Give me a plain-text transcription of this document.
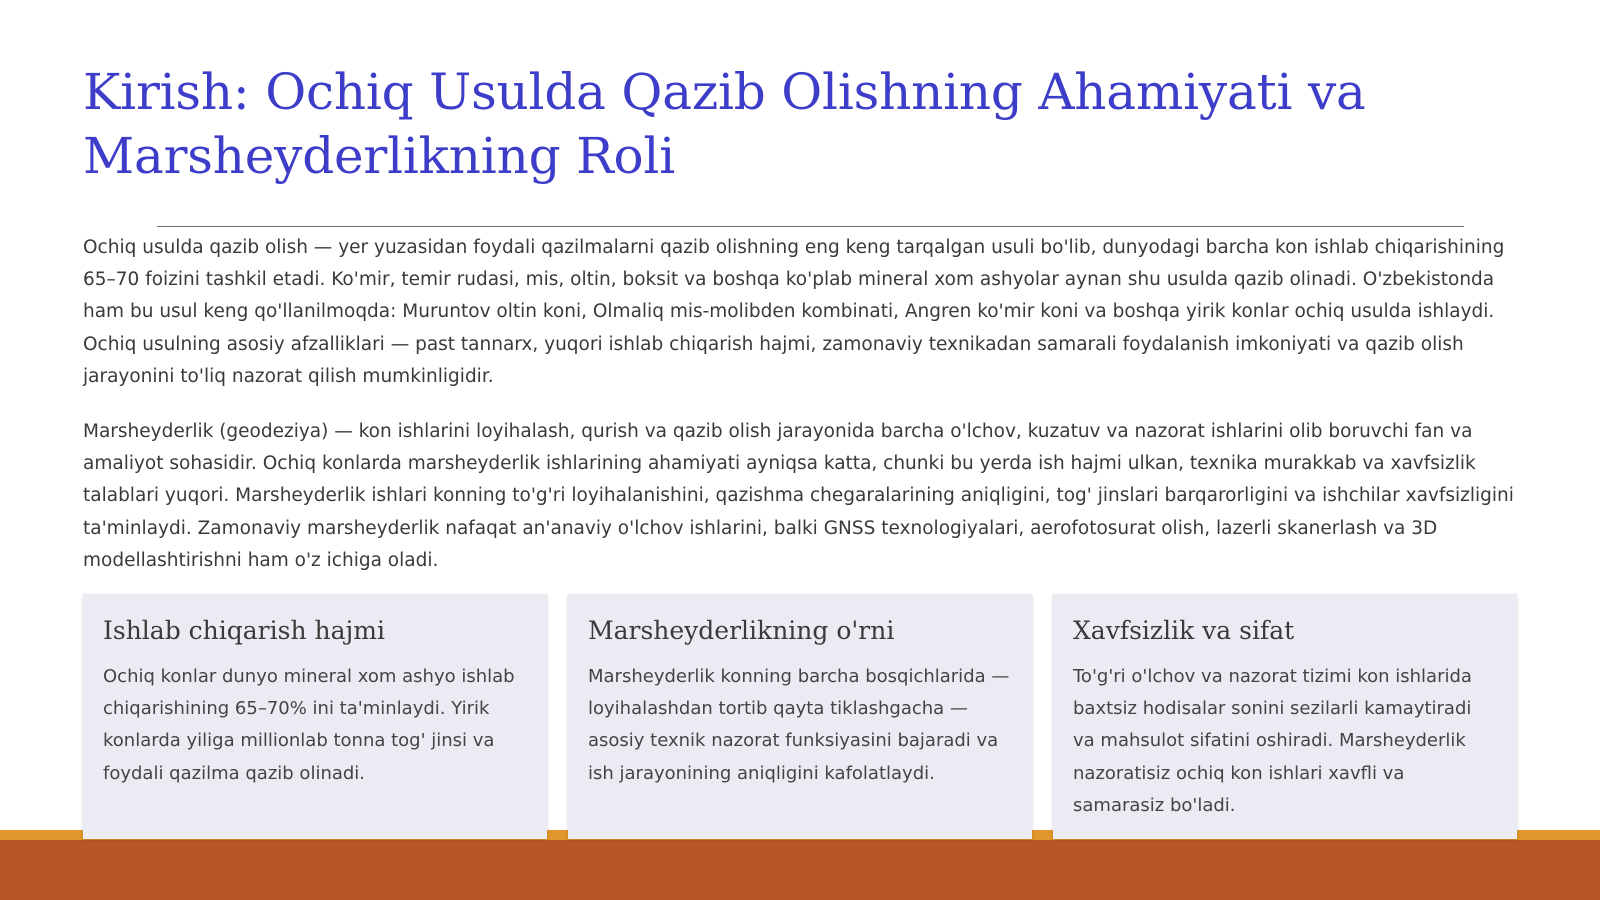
Kirish: Ochiq Usulda Qazib Olishning Ahamiyati va Marsheyderlikning Roli

Ochiq usulda qazib olish — yer yuzasidan foydali qazilmalarni qazib olishning eng keng tarqalgan usuli bo'lib, dunyodagi barcha kon ishlab chiqarishining 65–70 foizini tashkil etadi. Ko'mir, temir rudasi, mis, oltin, boksit va boshqa ko'plab mineral xom ashyolar aynan shu usulda qazib olinadi. O'zbekistonda ham bu usul keng qo'llanilmoqda: Muruntov oltin koni, Olmaliq mis-molibden kombinati, Angren ko'mir koni va boshqa yirik konlar ochiq usulda ishlaydi. Ochiq usulning asosiy afzalliklari — past tannarx, yuqori ishlab chiqarish hajmi, zamonaviy texnikadan samarali foydalanish imkoniyati va qazib olish jarayonini to'liq nazorat qilish mumkinligidir.

Marsheyderlik (geodeziya) — kon ishlarini loyihalash, qurish va qazib olish jarayonida barcha o'lchov, kuzatuv va nazorat ishlarini olib boruvchi fan va amaliyot sohasidir. Ochiq konlarda marsheyderlik ishlarining ahamiyati ayniqsa katta, chunki bu yerda ish hajmi ulkan, texnika murakkab va xavfsizlik talablari yuqori. Marsheyderlik ishlari konning to'g'ri loyihalanishini, qazishma chegaralarining aniqligini, tog' jinslari barqarorligini va ishchilar xavfsizligini ta'minlaydi. Zamonaviy marsheyderlik nafaqat an'anaviy o'lchov ishlarini, balki GNSS texnologiyalari, aerofotosurat olish, lazerli skanerlash va 3D modellashtirishni ham o'z ichiga oladi.

Ishlab chiqarish hajmi

Ochiq konlar dunyo mineral xom ashyo ishlab chiqarishining 65–70% ini ta'minlaydi. Yirik konlarda yiliga millionlab tonna tog' jinsi va foydali qazilma qazib olinadi.

Marsheyderlikning o'rni

Marsheyderlik konning barcha bosqichlarida — loyihalashdan tortib qayta tiklashgacha — asosiy texnik nazorat funksiyasini bajaradi va ish jarayonining aniqligini kafolatlaydi.

Xavfsizlik va sifat

To'g'ri o'lchov va nazorat tizimi kon ishlarida baxtsiz hodisalar sonini sezilarli kamaytiradi va mahsulot sifatini oshiradi. Marsheyderlik nazoratisiz ochiq kon ishlari xavfli va samarasiz bo'ladi.
